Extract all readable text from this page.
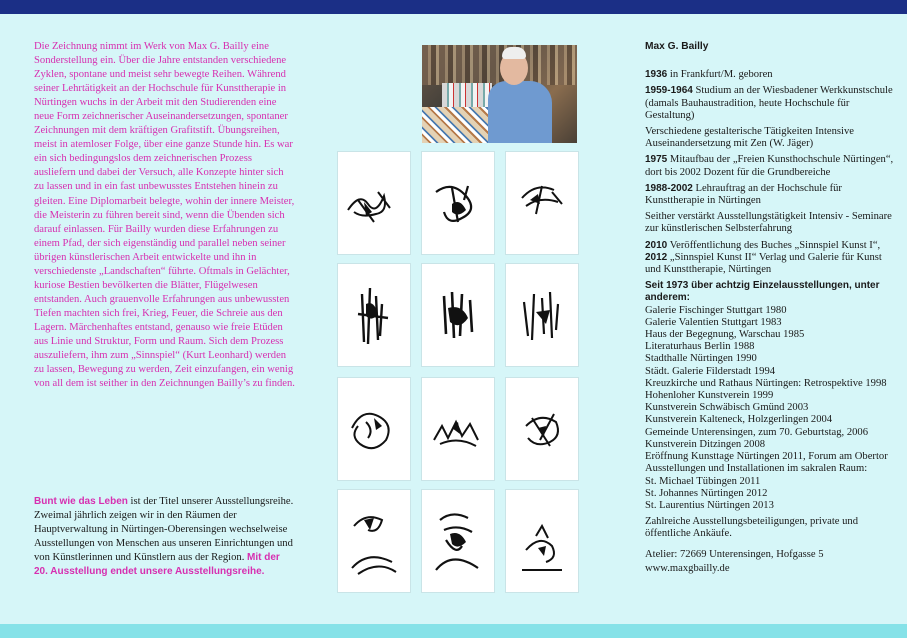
Die Zeichnung nimmt im Werk von Max G. Bailly eine Sonderstellung ein. Über die Jahre entstanden verschiedene Zyklen, spontane und meist sehr bewegte Reihen. Während seiner Lehrtätigkeit an der Hochschule für Kunsttherapie in Nürtingen wuchs in der Arbeit mit den Studierenden eine neue Form zeichnerischer Auseinandersetzungen, spontaner Zeichnungen mit dem kräftigen Grafitstift. Übungsreihen, meist in atemloser Folge, über eine ganze Stunde hin. Es war ein sich bedingungslos dem zeichnerischen Prozess ausliefern und dabei der Versuch, alle Konzepte hinter sich zu lassen und in ein fast unbewusstes Entstehen hinein zu gleiten. Eine Diplomarbeit belegte, wohin der innere Meister, die Meisterin zu führen bereit sind, wenn die Übenden sich darauf einlassen. Für Bailly wurden diese Erfahrungen zu einem Pfad, der sich eigenständig und parallel neben seiner übrigen künstlerischen Arbeit entwickelte und ihn in verschiedenste „Landschaften“ führte. Oftmals in Gelächter, kuriose Bestien bevölkerten die Blätter, Flügelwesen entstanden. Auch grauenvolle Erfahrungen aus unbewussten Tiefen machten sich frei, Krieg, Feuer, die Schreie aus den Lagern. Märchenhaftes entstand, genauso wie freie Etüden aus Linie und Struktur, Form und Raum. Sich dem Prozess auszuliefern, ihm zum „Sinnspiel“ (Kurt Leonhard) werden zu lassen, Bewegung zu werden, Zeit einzufangen, ein wenig von all dem ist seither in den Zeichnungen Bailly’s zu finden.

Bunt wie das Leben ist der Titel unserer Ausstellungsreihe. Zweimal jährlich zeigen wir in den Räumen der Hauptverwaltung in Nürtingen-Oberensingen wechselweise Ausstellungen von Menschen aus unseren Einrichtungen und von Künstlerinnen und Künstlern aus der Region. Mit der 20. Ausstellung endet unsere Ausstellungsreihe.

Max G. Bailly

1936 in Frankfurt/M. geboren

1959-1964 Studium an der Wiesbadener Werkkunstschule (damals Bauhaustradition, heute Hochschule für Gestaltung)

Verschiedene gestalterische Tätigkeiten Intensive Auseinandersetzung mit Zen (W. Jäger)

1975 Mitaufbau der „Freien Kunsthochschule Nürtingen“, dort bis 2002 Dozent für die Grundbereiche

1988-2002 Lehrauftrag an der Hochschule für Kunsttherapie in Nürtingen

Seither verstärkt Ausstellungstätigkeit Intensiv - Seminare zur künstlerischen Selbsterfahrung

2010 Veröffentlichung des Buches „Sinnspiel Kunst I“,

2012 „Sinnspiel Kunst II“ Verlag und Galerie für Kunst und Kunsttherapie, Nürtingen

Seit 1973 über achtzig Einzelausstellungen, unter anderem:

Galerie Fischinger Stuttgart 1980
Galerie Valentien Stuttgart 1983
Haus der Begegnung, Warschau 1985
Literaturhaus Berlin 1988
Stadthalle Nürtingen 1990
Städt. Galerie Filderstadt 1994
Kreuzkirche und Rathaus Nürtingen: Retrospektive 1998
Hohenloher Kunstverein 1999
Kunstverein Schwäbisch Gmünd 2003
Kunstverein Kalteneck, Holzgerlingen 2004
Gemeinde Unterensingen, zum 70. Geburtstag, 2006
Kunstverein Ditzingen 2008
Eröffnung Kunsttage Nürtingen 2011, Forum am Obertor
Ausstellungen und Installationen im sakralen Raum:
St. Michael Tübingen 2011
St. Johannes Nürtingen 2012
St. Laurentius Nürtingen 2013

Zahlreiche Ausstellungsbeteiligungen, private und öffentliche Ankäufe.

Atelier: 72669 Unterensingen, Hofgasse 5

www.maxgbailly.de
